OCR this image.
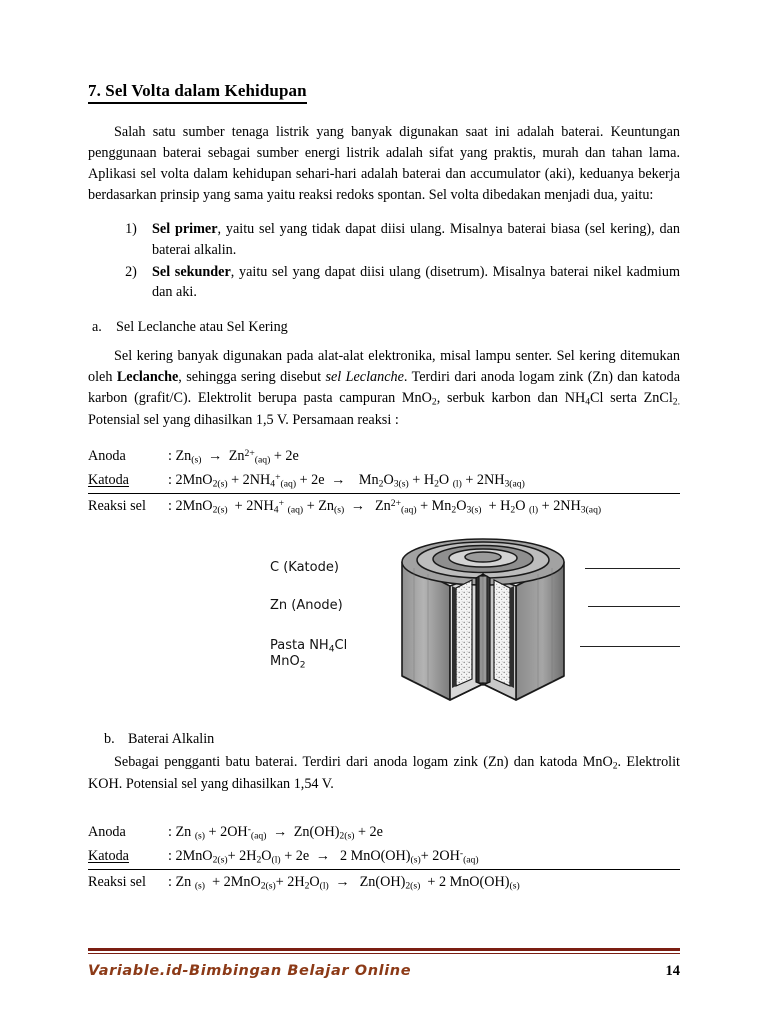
7. Sel Volta dalam Kehidupan

Salah satu sumber tenaga listrik yang banyak digunakan saat ini adalah baterai. Keuntungan penggunaan baterai sebagai sumber energi listrik adalah sifat yang praktis, murah dan tahan lama. Aplikasi sel volta dalam kehidupan sehari-hari adalah baterai dan accumulator (aki), keduanya bekerja berdasarkan prinsip yang sama yaitu reaksi redoks spontan. Sel volta dibedakan menjadi dua, yaitu:

1. Sel primer, yaitu sel yang tidak dapat diisi ulang. Misalnya baterai biasa (sel kering), dan baterai alkalin.
2. Sel sekunder, yaitu sel yang dapat diisi ulang (disetrum). Misalnya baterai nikel kadmium dan aki.
a. Sel Leclanche atau Sel Kering

Sel kering banyak digunakan pada alat-alat elektronika, misal lampu senter. Sel kering ditemukan oleh Leclanche, sehingga sering disebut sel Leclanche. Terdiri dari anoda logam zink (Zn) dan katoda karbon (grafit/C). Elektrolit berupa pasta campuran MnO$_2$, serbuk karbon dan $NH_4Cl$ serta ZnCl$_{2.}$ Potensial sel yang dihasilkan 1,5 V. Persamaan reaksi :

Anoda	: $Zn_{(s)} \to Zn^{2+}_{(aq)} + 2e$
Katoda	: $2MnO_{2(s)} + 2NH_4^+_{(aq)} + 2e \to Mn_2O_{3(s)} + H_2O$ $_{(l)} + 2NH_{3(aq)}$
Reaksi sel : $2MnO_{2(s)} + 2NH_4^+$ $_{(aq)} + Zn_{(s)} \to Zn^{2+}_{(aq)} + Mn_2O_{3(s)} + H_2O$ $_{(l)} + 2NH_{3(aq)}$
C (Katode)
Zn (Anode)
Pasta $NH_4Cl$
MnO$_2$
b. Baterai Alkalin

Sebagai pengganti batu baterai. Terdiri dari anoda logam zink (Zn) dan katoda MnO$_2$. Elektrolit KOH. Potensial sel yang dihasilkan 1,54 V.

Anoda	: Zn $_{(s)} + 2OH^-_{(aq)} \to Zn(OH)_{2(s)} + 2e$
Katoda	: $2MnO_{2(s)}+ 2H_2O_{(l)} + 2e \to 2$ $MnO(OH)_{(s)}+ 2OH^-_{(aq)}$
Reaksi sel : Zn $_{(s)} + 2MnO_{2(s)}+ 2H_2O_{(l)} \to Zn(OH)_{2(s)} + 2$ $MnO(OH)_{(s)}$
Variable.id-Bimbingan Belajar Online	14
